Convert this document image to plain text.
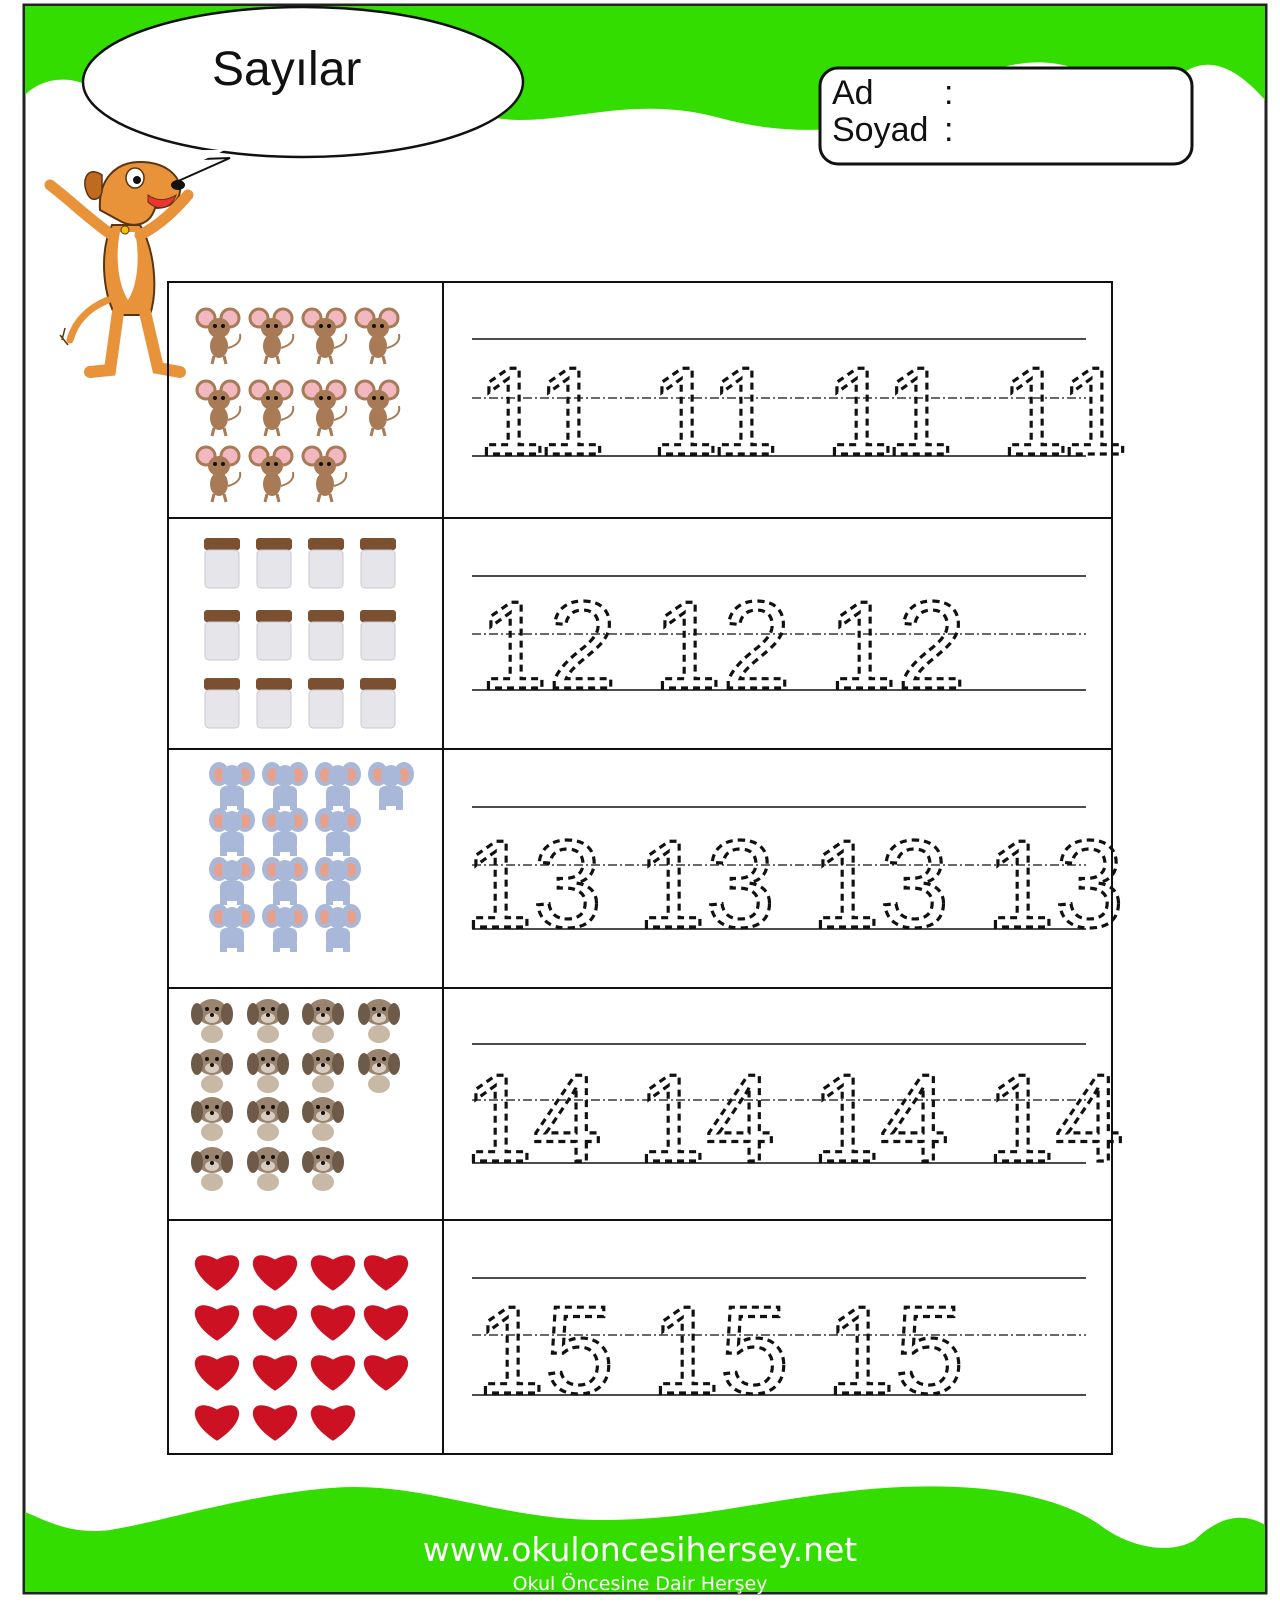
11 11 11 11
12 12 12
13 13 13 13
14 14 14 14
15 15 15
Sayılar	Ad :
Soyad :
www.okuloncesihersey.net
Okul Öncesine Dair Herşey
